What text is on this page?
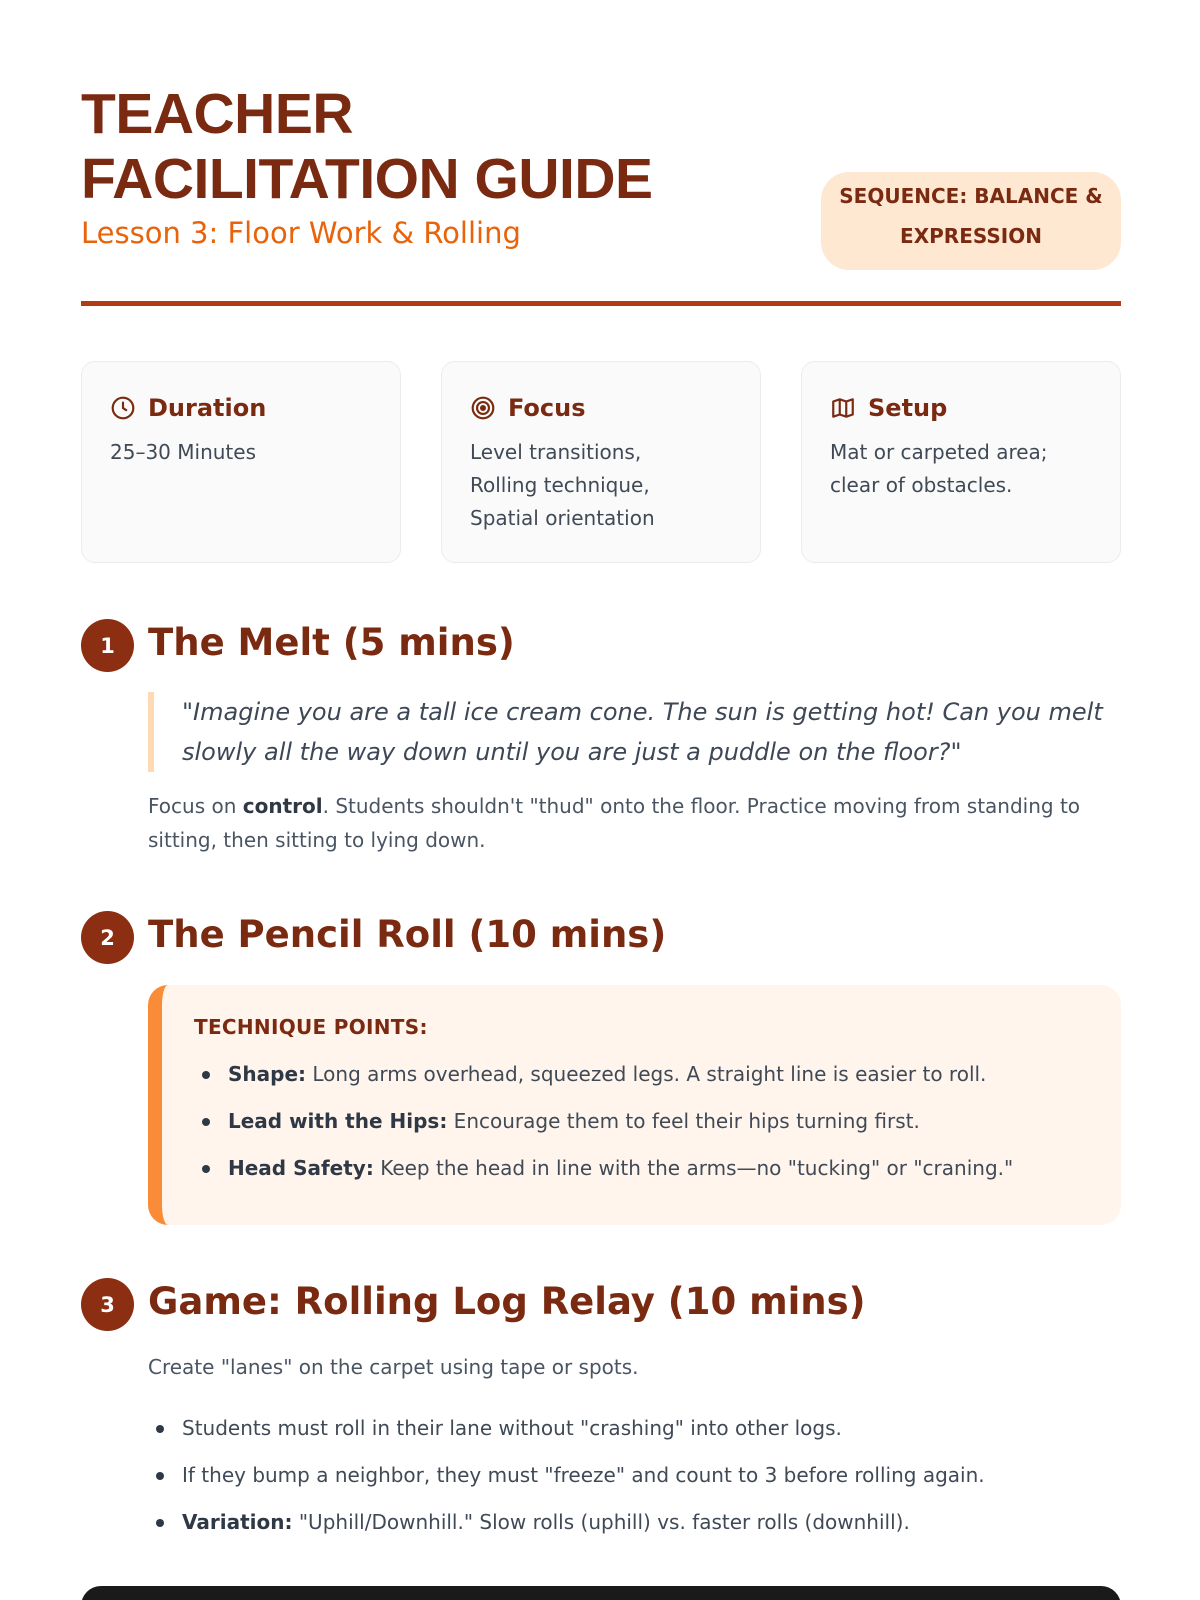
TEACHER
FACILITATION GUIDE
Lesson 3: Floor Work & Rolling
SEQUENCE: BALANCE &
EXPRESSION
Duration
25–30 Minutes
Focus
Level transitions,
Rolling technique,
Spatial orientation
Setup
Mat or carpeted area;
clear of obstacles.
1 The Melt (5 mins)
"Imagine you are a tall ice cream cone. The sun is getting hot! Can you melt
slowly all the way down until you are just a puddle on the floor?"
Focus on control. Students shouldn't "thud" onto the floor. Practice moving from standing to
sitting, then sitting to lying down.
2 The Pencil Roll (10 mins)
TECHNIQUE POINTS:
Shape: Long arms overhead, squeezed legs. A straight line is easier to roll.
Lead with the Hips: Encourage them to feel their hips turning first.
Head Safety: Keep the head in line with the arms—no "tucking" or "craning."
3 Game: Rolling Log Relay (10 mins)
Create "lanes" on the carpet using tape or spots.
Students must roll in their lane without "crashing" into other logs.
If they bump a neighbor, they must "freeze" and count to 3 before rolling again.
Variation: "Uphill/Downhill." Slow rolls (uphill) vs. faster rolls (downhill).
